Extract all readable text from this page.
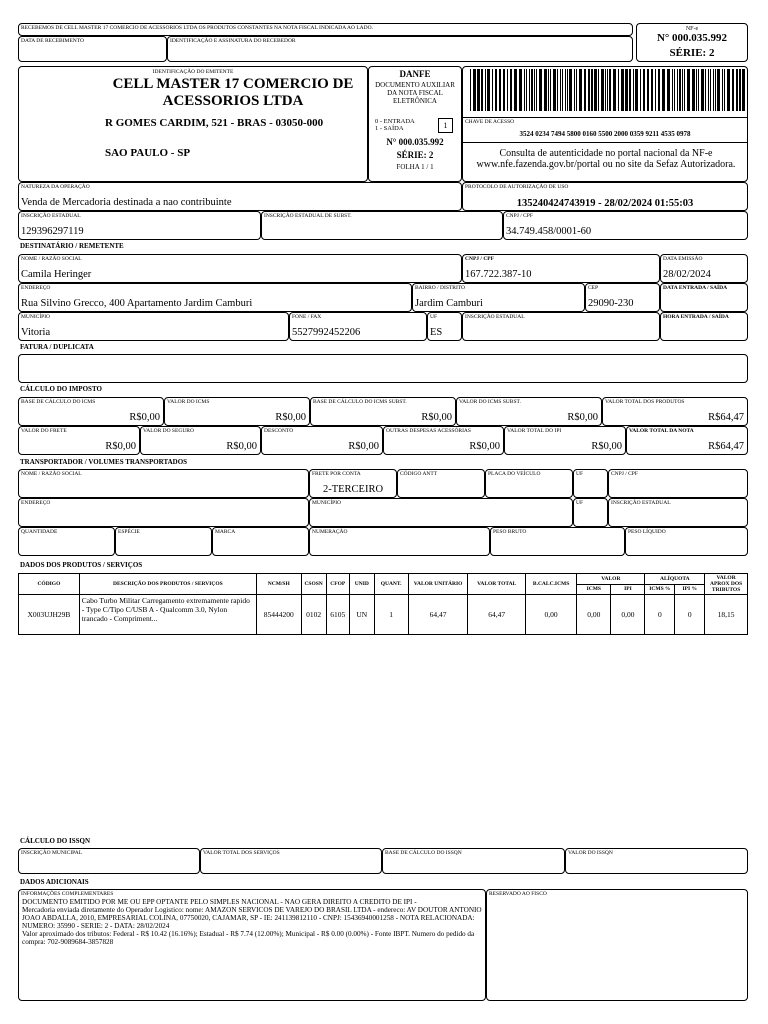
RECEBEMOS DE CELL MASTER 17 COMERCIO DE ACESSORIOS LTDA OS PRODUTOS CONSTANTES NA NOTA FISCAL INDICADA AO LADO.
DATA DE RECEBIMENTO	IDENTIFICAÇÃO E ASSINATURA DO RECEBEDOR
NF-e
N° 000.035.992
SÉRIE: 2
IDENTIFICAÇÃO DO EMITENTE
CELL MASTER 17 COMERCIO DE ACESSORIOS LTDA
R GOMES CARDIM, 521 - BRAS - 03050-000
SAO PAULO - SP
DANFE
DOCUMENTO AUXILIAR DA NOTA FISCAL ELETRÔNICA
0 - ENTRADA
1 - SAÍDA	1
N° 000.035.992
SÉRIE: 2
FOLHA 1 / 1
CHAVE DE ACESSO
3524 0234 7494 5800 0160 5500 2000 0359 9211 4535 0978
Consulta de autenticidade no portal nacional da NF-e www.nfe.fazenda.gov.br/portal ou no site da Sefaz Autorizadora.
NATUREZA DA OPERAÇÃO
Venda de Mercadoria destinada a nao contribuinte
PROTOCOLO DE AUTORIZAÇÃO DE USO
135240424743919 - 28/02/2024 01:55:03
INSCRIÇÃO ESTADUAL
129396297119
INSCRIÇÃO ESTADUAL DE SUBST.	CNPJ / CPF
34.749.458/0001-60
DESTINATÁRIO / REMETENTE
NOME / RAZÃO SOCIAL
Camila Heringer
CNPJ / CPF
167.722.387-10
DATA EMISSÃO
28/02/2024
ENDEREÇO
Rua Silvino Grecco, 400 Apartamento Jardim Camburi
BAIRRO / DISTRITO
Jardim Camburi
CEP
29090-230
DATA ENTRADA / SAÍDA
MUNICÍPIO
Vitoria
FONE / FAX
5527992452206
UF
ES
INSCRIÇÃO ESTADUAL	HORA ENTRADA / SAÍDA
FATURA / DUPLICATA
CÁLCULO DO IMPOSTO
BASE DE CÁLCULO DO ICMS
R$0,00
VALOR DO ICMS
R$0,00
BASE DE CÁLCULO DO ICMS SUBST.
R$0,00
VALOR DO ICMS SUBST.
R$0,00
VALOR TOTAL DOS PRODUTOS
R$64,47
VALOR DO FRETE
R$0,00
VALOR DO SEGURO
R$0,00
DESCONTO
R$0,00
OUTRAS DESPESAS ACESSÓRIAS
R$0,00
VALOR TOTAL DO IPI
R$0,00
VALOR TOTAL DA NOTA
R$64,47
TRANSPORTADOR / VOLUMES TRANSPORTADOS
NOME / RAZÃO SOCIAL	FRETE POR CONTA
2-TERCEIRO
CÓDIGO ANTT	PLACA DO VEÍCULO	UF	CNPJ / CPF
ENDEREÇO	MUNICÍPIO	UF	INSCRIÇÃO ESTADUAL
QUANTIDADE	ESPÉCIE	MARCA	NUMERAÇÃO	PESO BRUTO	PESO LÍQUIDO
DADOS DOS PRODUTOS / SERVIÇOS
CÓDIGO	DESCRIÇÃO DOS PRODUTOS / SERVIÇOS	NCM/SH	CSOSN	CFOP	UNID	QUANT.	VALOR UNITÁRIO	VALOR TOTAL	B.CALC.ICMS	VALOR		ALÍQUOTA		VALOR APROX DOS TRIBUTOS
										ICMS	IPI	ICMS %	IPI %	
X003UJH29B	Cabo Turbo Militar Carregamento extremamente rapido - Type C/Tipo C/USB A - Qualcomm 3.0, Nylon trancado - Compriment...	85444200	0102	6105	UN	1	64,47	64,47	0,00	0,00	0,00	0	0	18,15
CÁLCULO DO ISSQN
INSCRIÇÃO MUNICIPAL	VALOR TOTAL DOS SERVIÇOS	BASE DE CÁLCULO DO ISSQN	VALOR DO ISSQN
DADOS ADICIONAIS
INFORMAÇÕES COMPLEMENTARES
DOCUMENTO EMITIDO POR ME OU EPP OPTANTE PELO SIMPLES NACIONAL - NAO GERA DIREITO A CREDITO DE IPI -
Mercadoria enviada diretamente do Operador Logistico: nome: AMAZON SERVICOS DE VAREJO DO BRASIL LTDA - endereco: AV DOUTOR ANTONIO JOAO ABDALLA, 2010, EMPRESARIAL COLINA, 07750020, CAJAMAR, SP - IE: 241139812110 - CNPJ: 15436940001258 - NOTA RELACIONADA: NUMERO: 35990 - SERIE: 2 - DATA: 28/02/2024
Valor aproximado dos tributos: Federal - R$ 10.42 (16.16%); Estadual - R$ 7.74 (12.00%); Municipal - R$ 0.00 (0.00%) - Fonte IBPT. Numero do pedido da compra: 702-9089684-3857828
RESERVADO AO FISCO
